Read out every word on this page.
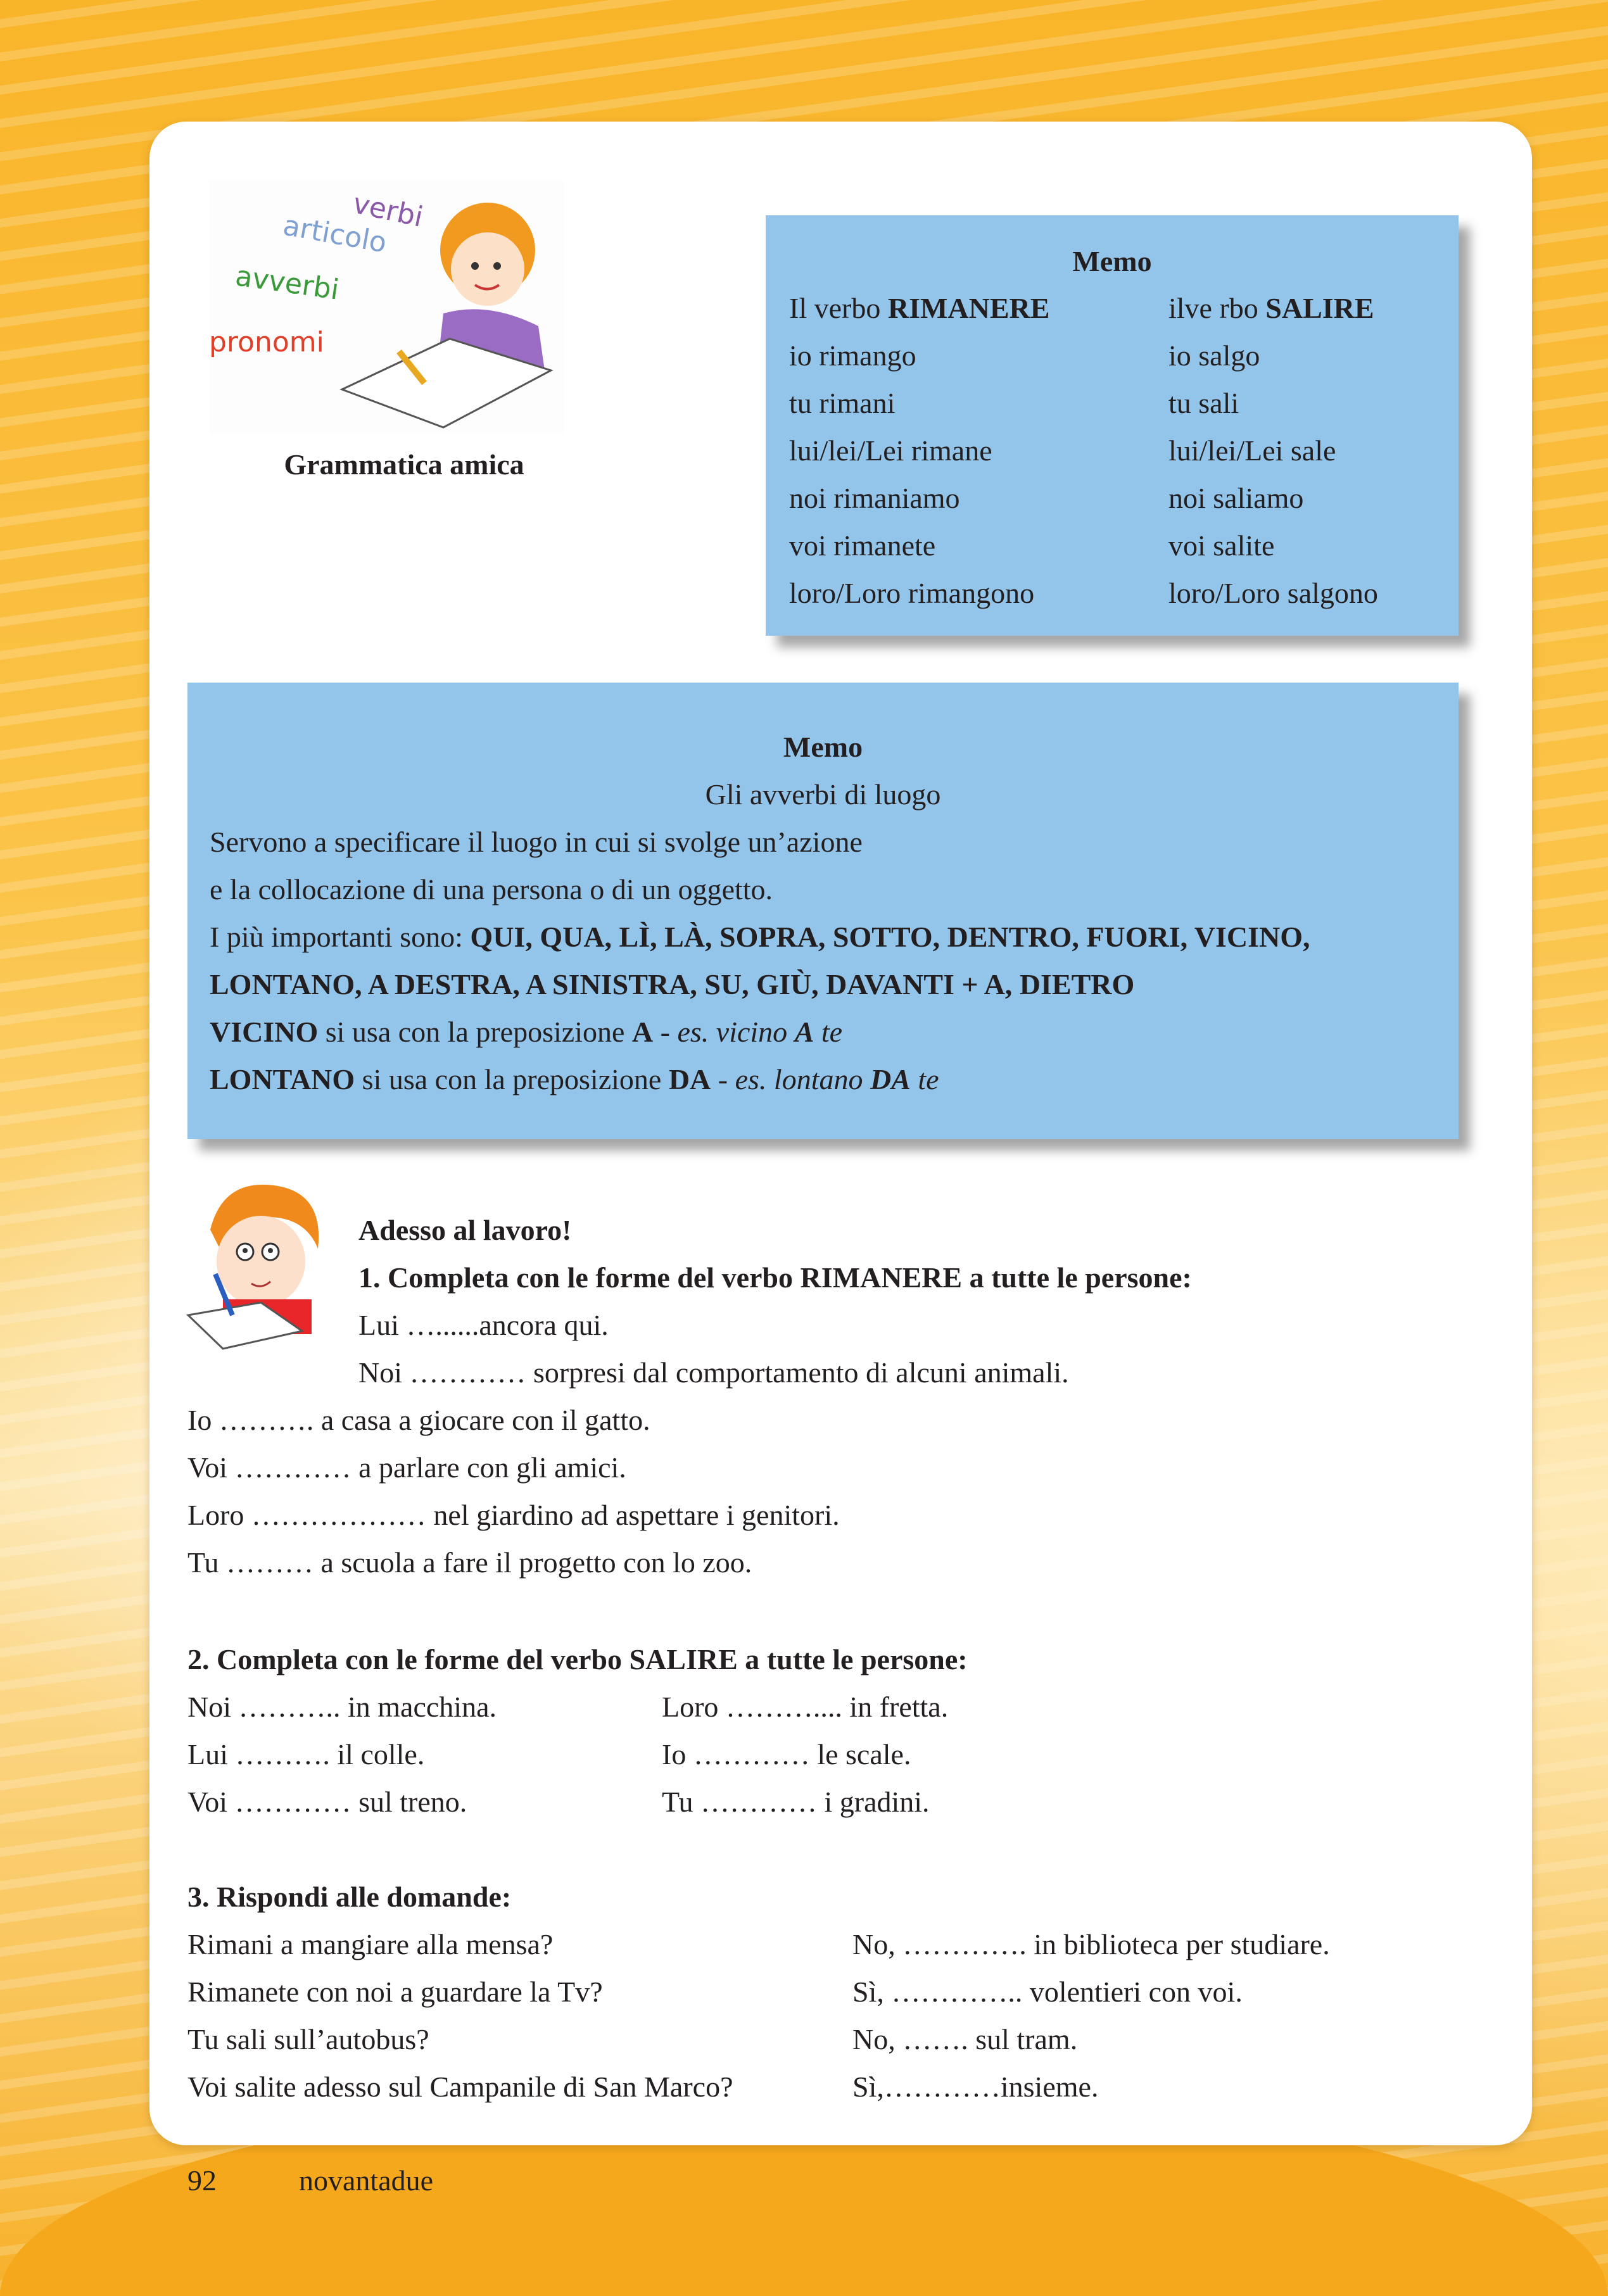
verbi
articolo
avverbi
pronomi
Grammatica amica
Memo
Il verbo RIMANERE
io rimango
tu rimani
lui/lei/Lei rimane
noi rimaniamo
voi rimanete
loro/Loro rimangono
ilve rbo SALIRE
io salgo
tu sali
lui/lei/Lei sale
noi saliamo
voi salite
loro/Loro salgono
Memo
Gli avverbi di luogo
Servono a specificare il luogo in cui si svolge un’azione
e la collocazione di una persona o di un oggetto.
I più importanti sono: QUI, QUA, LÌ, LÀ, SOPRA, SOTTO, DENTRO, FUORI, VICINO,
LONTANO, A DESTRA, A SINISTRA, SU, GIÙ, DAVANTI + A, DIETRO
VICINO si usa con la preposizione A - es. vicino A te
LONTANO si usa con la preposizione DA - es. lontano DA te
Adesso al lavoro!
1. Completa con le forme del verbo RIMANERE a tutte le persone:
Lui …......ancora qui.
Noi ………… sorpresi dal comportamento di alcuni animali.
Io ………. a casa a giocare con il gatto.
Voi ………… a parlare con gli amici.
Loro ……………… nel giardino ad aspettare i genitori.
Tu ……… a scuola a fare il progetto con lo zoo.
2. Completa con le forme del verbo SALIRE a tutte le persone:
Noi ……….. in macchina.
Lui ………. il colle.
Voi ………… sul treno.
Loro ……….... in fretta.
Io ………… le scale.
Tu ………… i gradini.
3. Rispondi alle domande:
Rimani a mangiare alla mensa?
Rimanete con noi a guardare la Tv?
Tu sali sull’autobus?
Voi salite adesso sul Campanile di San Marco?
No, …………. in biblioteca per studiare.
Sì, ………….. volentieri con voi.
No, ……. sul tram.
Sì,…………insieme.
92	novantadue
